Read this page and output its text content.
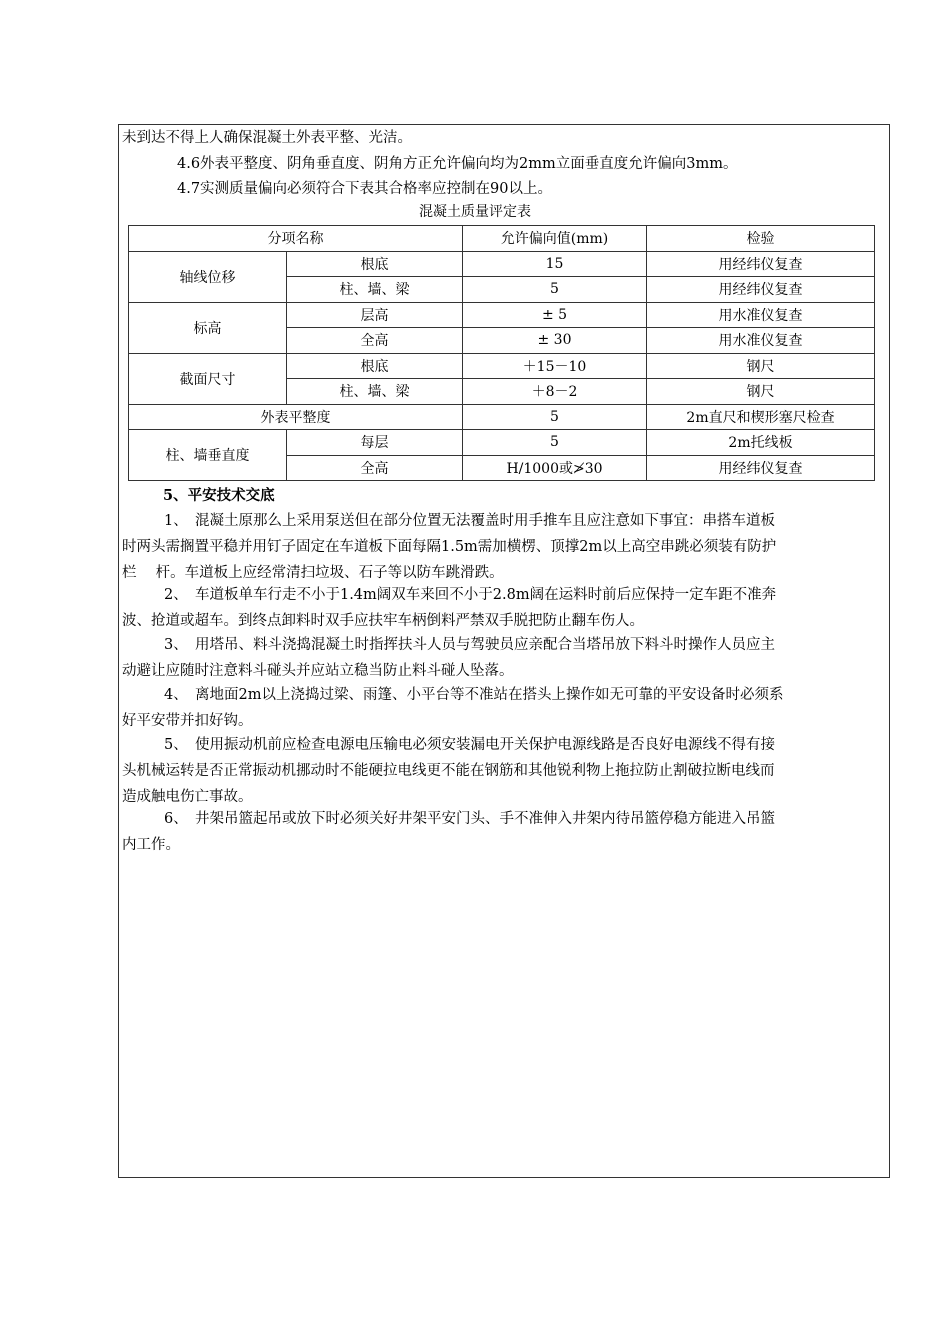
未到达不得上人确保混凝土外表平整、光洁。
4.6外表平整度、阴角垂直度、阴角方正允许偏向均为2mm立面垂直度允许偏向3mm。
4.7实测质量偏向必须符合下表其合格率应控制在90以上。
混凝土质量评定表
分项名称		允许偏向值(mm)	检验
轴线位移	根底	15	用经纬仪复查
	柱、墙、梁	5	用经纬仪复查
标高	层高	± 5	用水准仪复查
	全高	± 30	用水准仪复查
截面尺寸	根底	＋15－10	钢尺
	柱、墙、梁	＋8－2	钢尺
外表平整度		5	2m直尺和楔形塞尺检查
柱、墙垂直度	每层	5	2m托线板
	全高	H/1000或≯30	用经纬仪复查
5、平安技术交底
1、　混凝土原那么上采用泵送但在部分位置无法覆盖时用手推车且应注意如下事宜：串搭车道板
时两头需搁置平稳并用钉子固定在车道板下面每隔1.5m需加横楞、顶撑2m以上高空串跳必须装有防护
栏　 杆。车道板上应经常清扫垃圾、石子等以防车跳滑跌。
2、　车道板单车行走不小于1.4m阔双车来回不小于2.8m阔在运料时前后应保持一定车距不准奔
波、抢道或超车。到终点卸料时双手应扶牢车柄倒料严禁双手脱把防止翻车伤人。
3、　用塔吊、料斗浇捣混凝土时指挥扶斗人员与驾驶员应亲配合当塔吊放下料斗时操作人员应主
动避让应随时注意料斗碰头并应站立稳当防止料斗碰人坠落。
4、　离地面2m以上浇捣过梁、雨篷、小平台等不准站在搭头上操作如无可靠的平安设备时必须系
好平安带并扣好钩。
5、　使用振动机前应检查电源电压输电必须安装漏电开关保护电源线路是否良好电源线不得有接
头机械运转是否正常振动机挪动时不能硬拉电线更不能在钢筋和其他锐利物上拖拉防止割破拉断电线而
造成触电伤亡事故。
6、　井架吊篮起吊或放下时必须关好井架平安门头、手不准伸入井架内待吊篮停稳方能进入吊篮
内工作。
